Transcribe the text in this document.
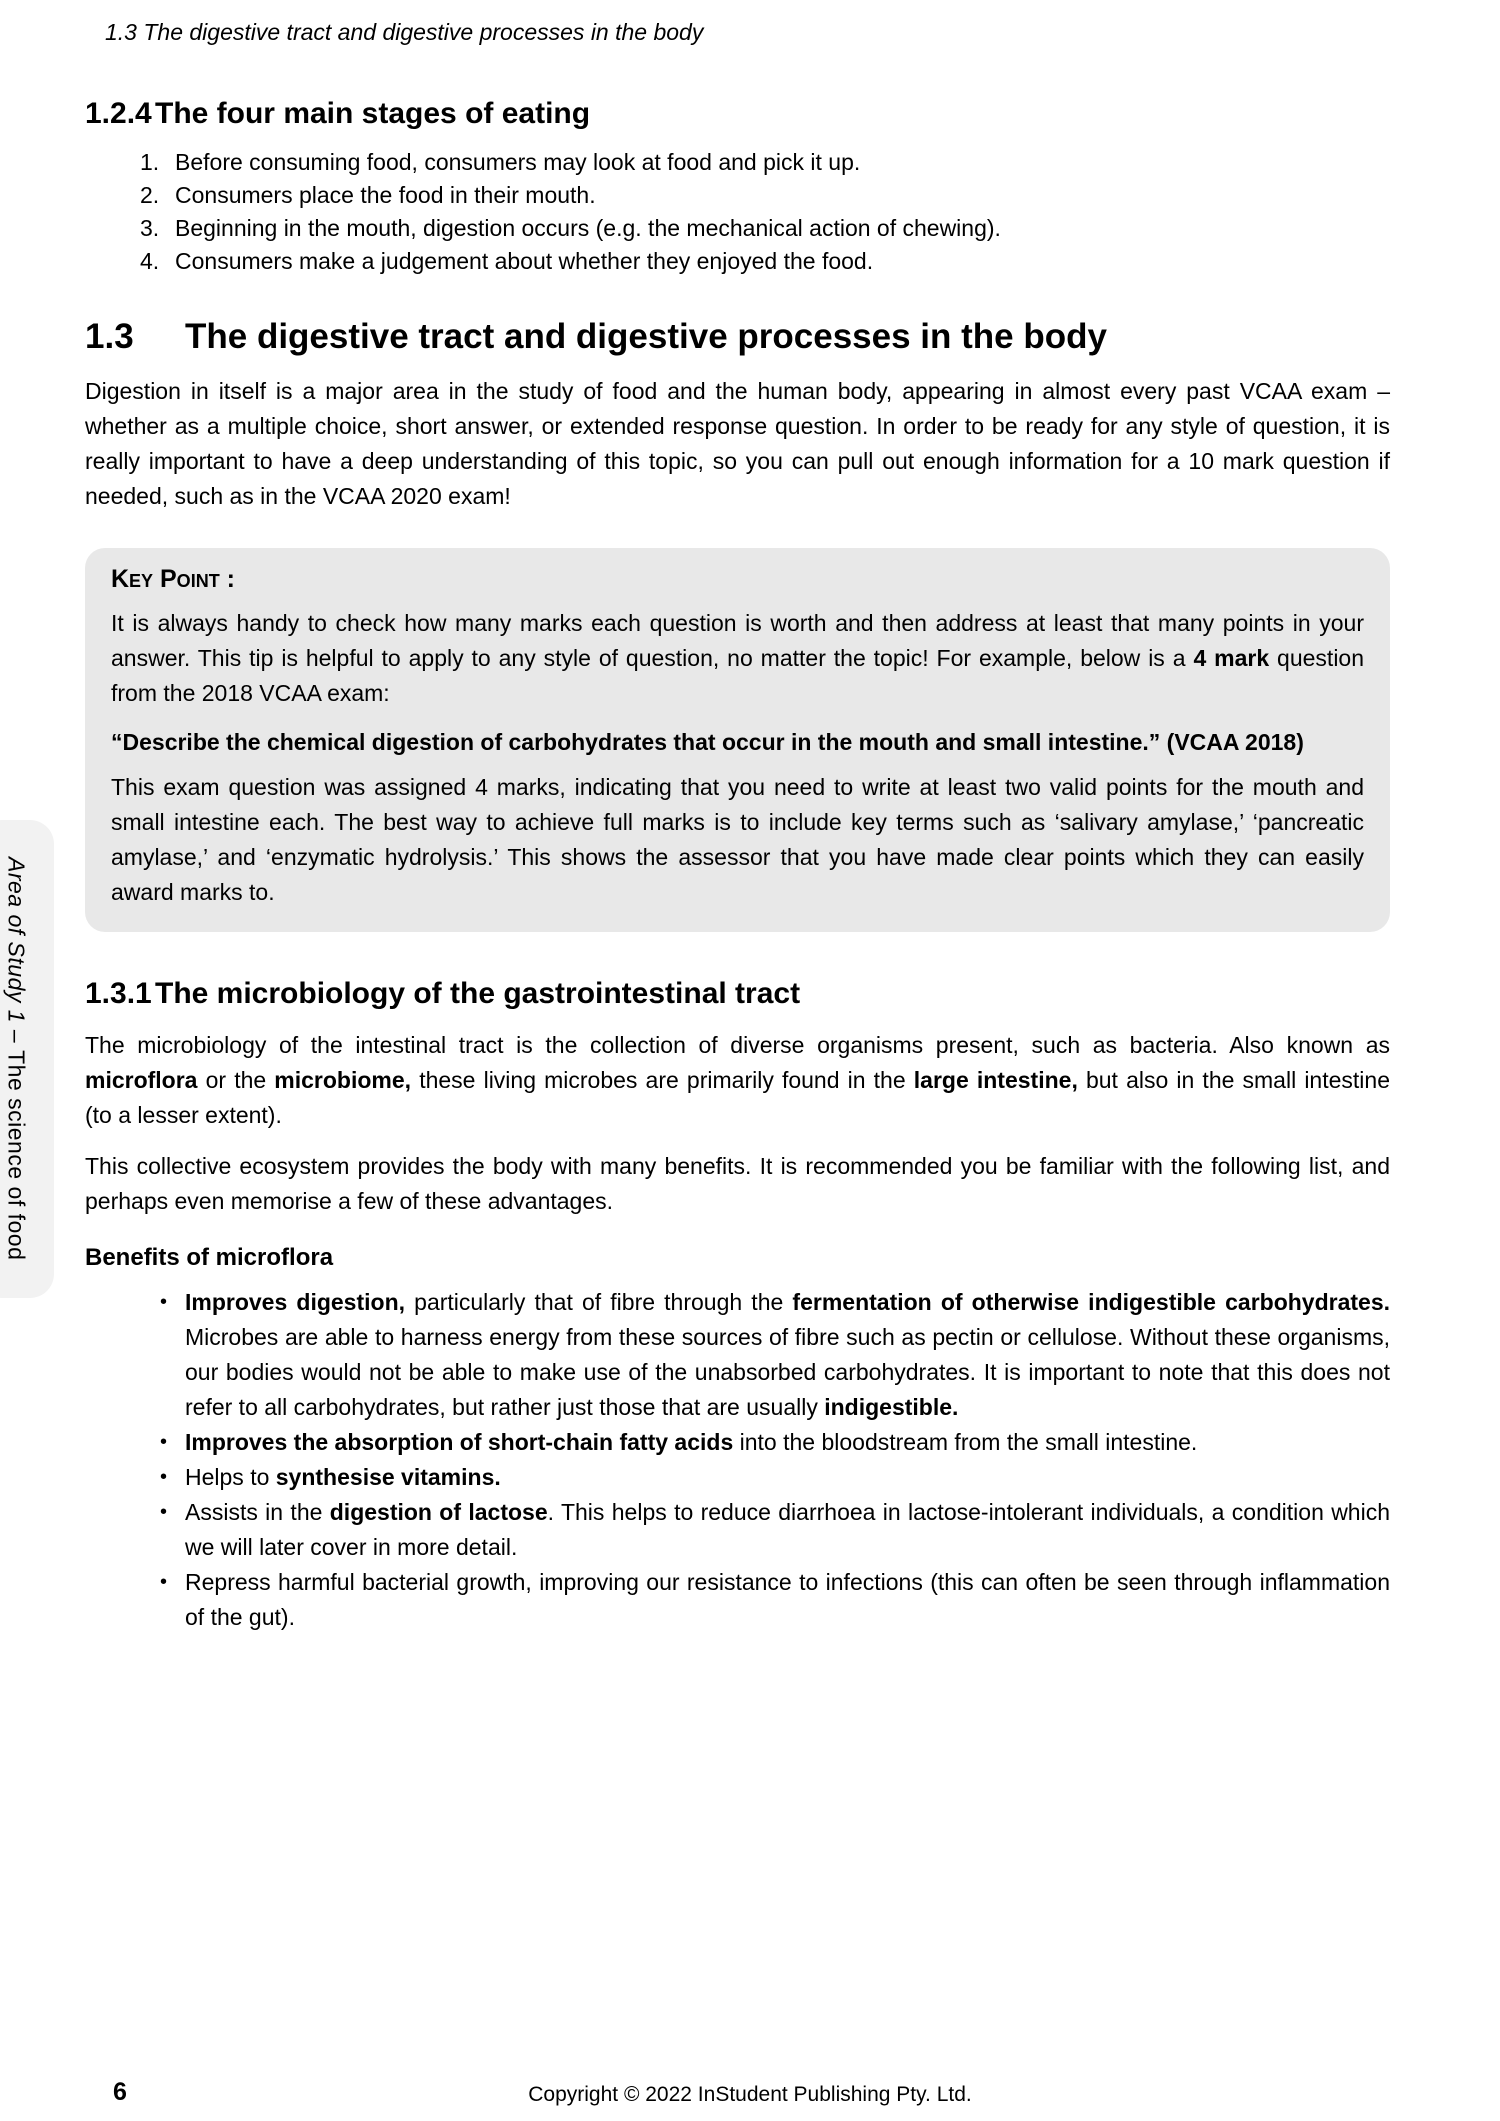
Area of Study 1 – The science of food
1.3 The digestive tract and digestive processes in the body
1.2.4 The four main stages of eating
1. Before consuming food, consumers may look at food and pick it up.
2. Consumers place the food in their mouth.
3. Beginning in the mouth, digestion occurs (e.g. the mechanical action of chewing).
4. Consumers make a judgement about whether they enjoyed the food.
1.3	The digestive tract and digestive processes in the body

Digestion in itself is a major area in the study of food and the human body, appearing in almost every past VCAA exam – whether as a multiple choice, short answer, or extended response question. In order to be ready for any style of question, it is really important to have a deep understanding of this topic, so you can pull out enough information for a 10 mark question if needed, such as in the VCAA 2020 exam!

Key Point :

It is always handy to check how many marks each question is worth and then address at least that many points in your answer. This tip is helpful to apply to any style of question, no matter the topic! For example, below is a 4 mark question from the 2018 VCAA exam:

“Describe the chemical digestion of carbohydrates that occur in the mouth and small intestine.” (VCAA 2018)

This exam question was assigned 4 marks, indicating that you need to write at least two valid points for the mouth and small intestine each. The best way to achieve full marks is to include key terms such as ‘salivary amylase,’ ‘pancreatic amylase,’ and ‘enzymatic hydrolysis.’ This shows the assessor that you have made clear points which they can easily award marks to.

1.3.1 The microbiology of the gastrointestinal tract

The microbiology of the intestinal tract is the collection of diverse organisms present, such as bacteria. Also known as microflora or the microbiome, these living microbes are primarily found in the large intestine, but also in the small intestine (to a lesser extent).

This collective ecosystem provides the body with many benefits. It is recommended you be familiar with the following list, and perhaps even memorise a few of these advantages.

Benefits of microflora
• Improves digestion, particularly that of fibre through the fermentation of otherwise indigestible carbohydrates. Microbes are able to harness energy from these sources of fibre such as pectin or cellulose. Without these organisms, our bodies would not be able to make use of the unabsorbed carbohydrates. It is important to note that this does not refer to all carbohydrates, but rather just those that are usually indigestible.
• Improves the absorption of short-chain fatty acids into the bloodstream from the small intestine.
• Helps to synthesise vitamins.
• Assists in the digestion of lactose. This helps to reduce diarrhoea in lactose-intolerant individuals, a condition which we will later cover in more detail.
• Repress harmful bacterial growth, improving our resistance to infections (this can often be seen through inflammation of the gut).
6	Copyright © 2022 InStudent Publishing Pty. Ltd.
